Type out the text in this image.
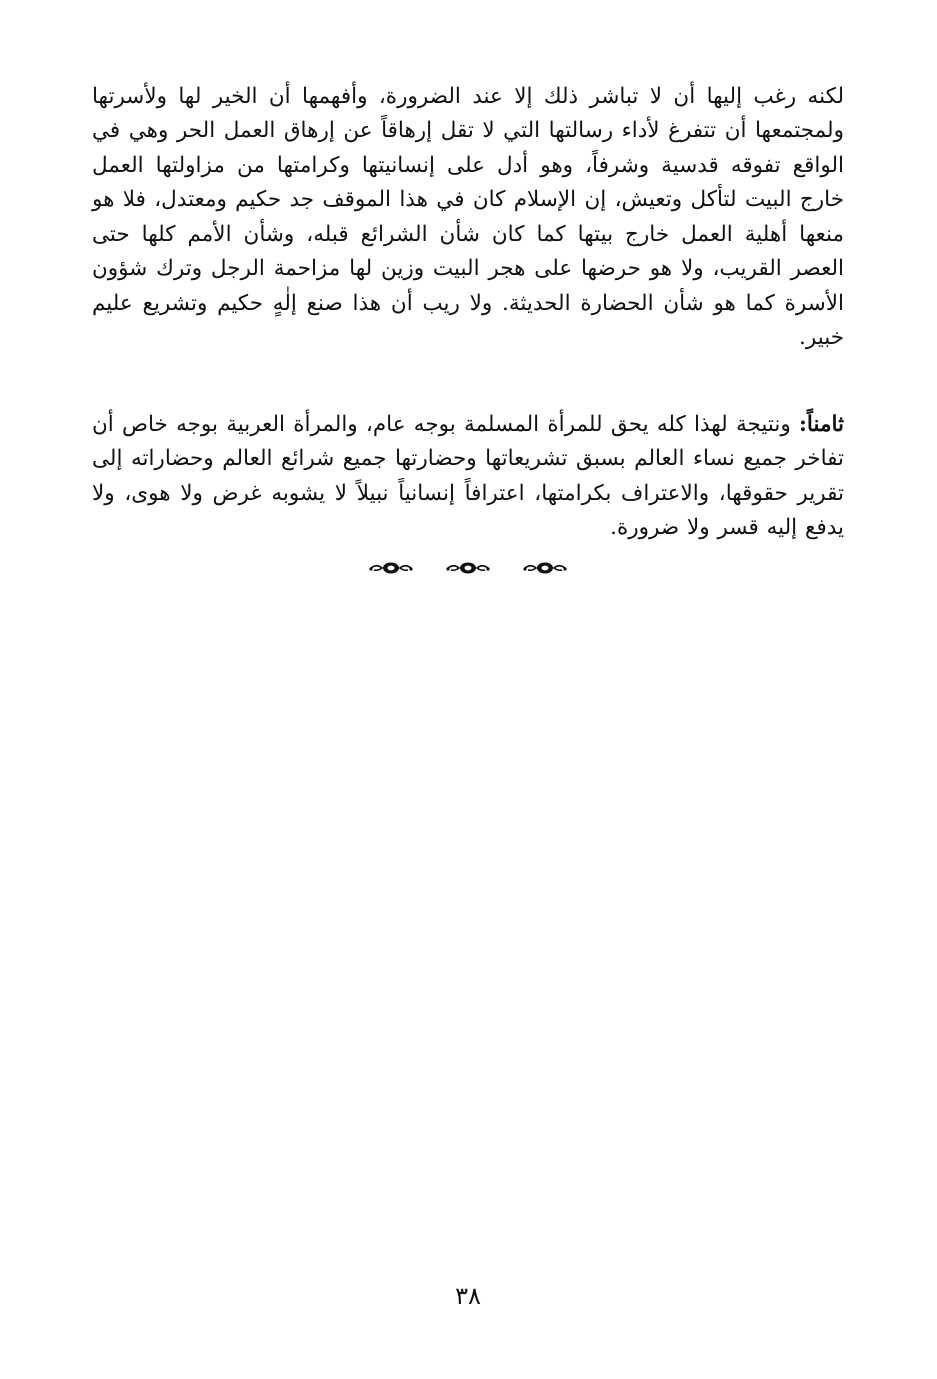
لكنه رغب إليها أن لا تباشر ذلك إلا عند الضرورة، وأفهمها أن الخير لها ولأسرتها ولمجتمعها أن تتفرغ لأداء رسالتها التي لا تقل إرهاقاً عن إرهاق العمل الحر وهي في الواقع تفوقه قدسية وشرفاً، وهو أدل على إنسانيتها وكرامتها من مزاولتها العمل خارج البيت لتأكل وتعيش، إن الإسلام كان في هذا الموقف جد حكيم ومعتدل، فلا هو منعها أهلية العمل خارج بيتها كما كان شأن الشرائع قبله، وشأن الأمم كلها حتى العصر القريب، ولا هو حرضها على هجر البيت وزين لها مزاحمة الرجل وترك شؤون الأسرة كما هو شأن الحضارة الحديثة. ولا ريب أن هذا صنع إلٰهٍ حكيم وتشريع عليم خبير.

ثامناً: ونتيجة لهذا كله يحق للمرأة المسلمة بوجه عام، والمرأة العربية بوجه خاص أن تفاخر جميع نساء العالم بسبق تشريعاتها وحضارتها جميع شرائع العالم وحضاراته إلى تقرير حقوقها، والاعتراف بكرامتها، اعترافاً إنسانياً نبيلاً لا يشوبه غرض ولا هوى، ولا يدفع إليه قسر ولا ضرورة.

٣٨
